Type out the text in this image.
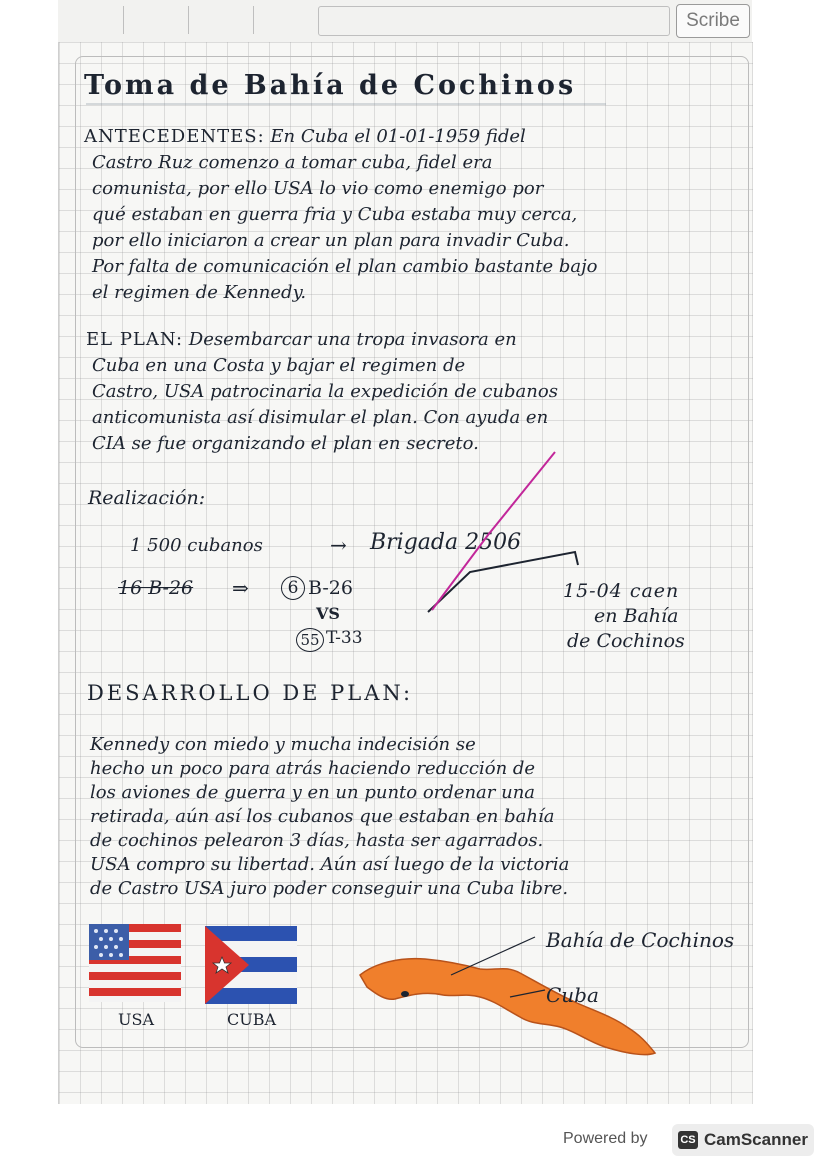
Scribe
Toma de Bahía de Cochinos
ANTECEDENTES: En Cuba el 01-01-1959 fidel
Castro Ruz comenzo a tomar cuba, fidel era
comunista, por ello USA lo vio como enemigo por
qué estaban en guerra fria y Cuba estaba muy cerca,
por ello iniciaron a crear un plan para invadir Cuba.
Por falta de comunicación el plan cambio bastante bajo
el regimen de Kennedy.
EL PLAN: Desembarcar una tropa invasora en
Cuba en una Costa y bajar el regimen de
Castro, USA patrocinaria la expedición de cubanos
anticomunista así disimular el plan. Con ayuda en
CIA se fue organizando el plan en secreto.
Realización:
1 500 cubanos	→ Brigada 2506
16 B-26 ⇒	6 B-26
VS
55 T-33
15-04 caen
en Bahía
de Cochinos
DESARROLLO DE PLAN:
Kennedy con miedo y mucha indecisión se
hecho un poco para atrás haciendo reducción de
los aviones de guerra y en un punto ordenar una
retirada, aún así los cubanos que estaban en bahía
de cochinos pelearon 3 días, hasta ser agarrados.
USA compro su libertad. Aún así luego de la victoria
de Castro USA juro poder conseguir una Cuba libre.
USA	CUBA
Bahía de Cochinos
Cuba
Powered by	CS CamScanner
